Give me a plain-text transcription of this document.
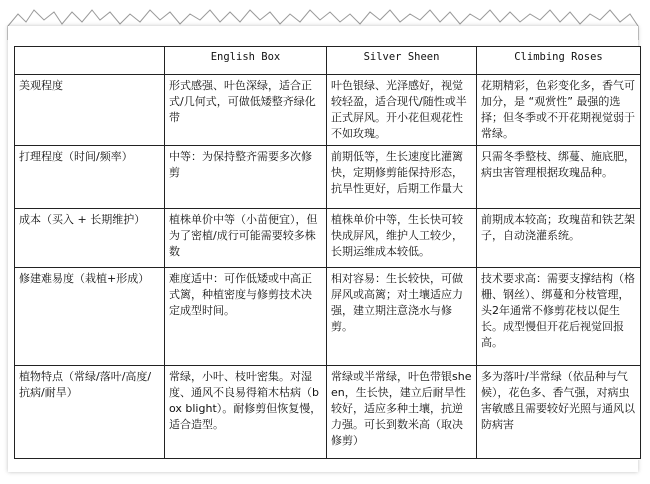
	English Box	Silver Sheen	Climbing Roses
美观程度	形式感强、叶色深绿，适合正式/几何式，可做低矮整齐绿化带	叶色银绿、光泽感好，视觉较轻盈，适合现代/随性或半正式屏风。开小花但观花性不如玫瑰。	花期精彩，色彩变化多，香气可加分，是 “观赏性” 最强的选择；但冬季或不开花期视觉弱于常绿。
打理程度（时间/频率）	中等：为保持整齐需要多次修剪	前期低等，生长速度比灌篱快，定期修剪能保持形态，抗旱性更好，后期工作量大	只需冬季整枝、绑蔓、施底肥，病虫害管理根据玫瑰品种。
成本（买入 + 长期维护）	植株单价中等（小苗便宜），但为了密植/成行可能需要较多株数	植株单价中等，生长快可较快成屏风，维护人工较少，长期运维成本较低。	前期成本较高；玫瑰苗和铁艺架子，自动浇灌系统。
修建难易度（栽植+形成）	难度适中：可作低矮或中高正式篱，种植密度与修剪技术决定成型时间。	相对容易：生长较快，可做屏风或高篱；对土壤适应力强，建立期注意浇水与修剪。	技术要求高：需要支撑结构（格栅、钢丝）、绑蔓和分枝管理，头2年通常不修剪花枝以促生长。成型慢但开花后视觉回报高。
植物特点（常绿/落叶/高度/抗病/耐旱）	常绿，小叶、枝叶密集。对湿度、通风不良易得箱木枯病（box blight）。耐修剪但恢复慢，适合造型。	常绿或半常绿，叶色带银sheen，生长快，建立后耐旱性较好，适应多种土壤，抗逆力强。可长到数米高（取决修剪）	多为落叶/半常绿（依品种与气候），花色多、香气强，对病虫害敏感且需要较好光照与通风以防病害
